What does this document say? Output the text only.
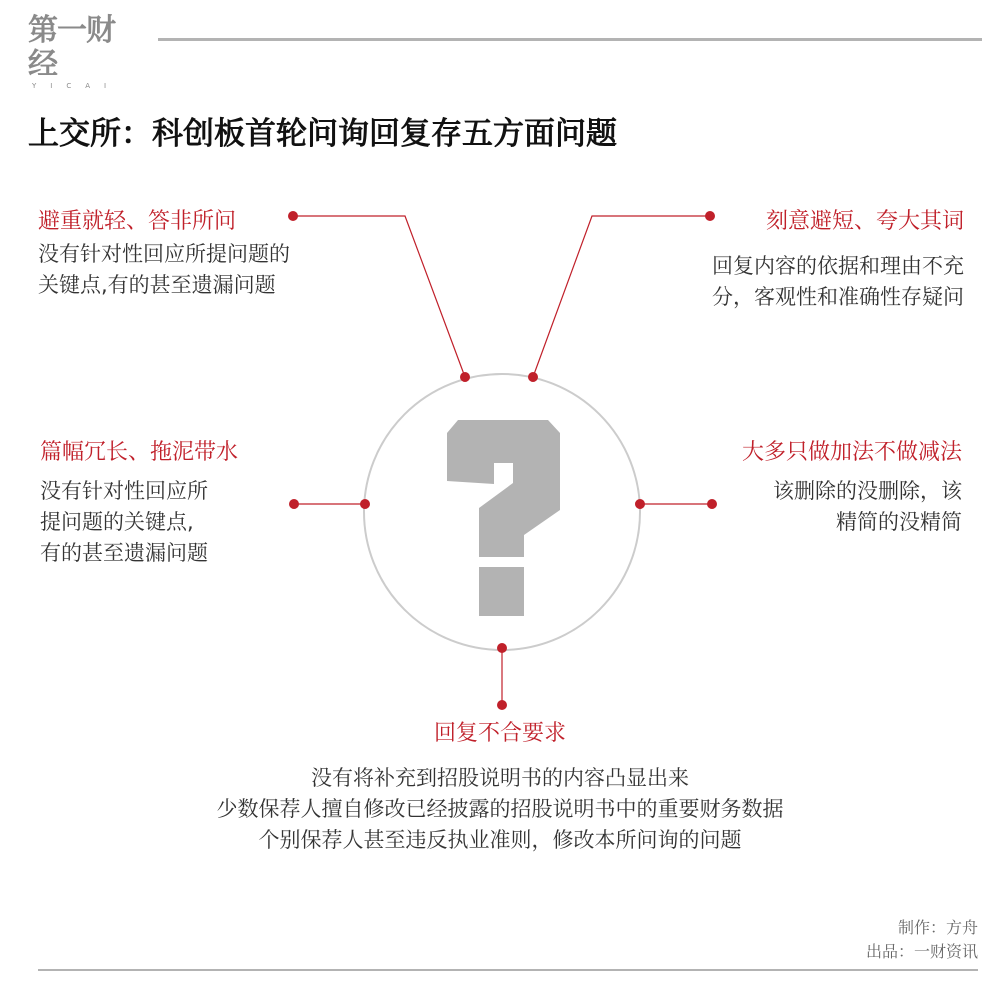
第一财经
YICAI
上交所：科创板首轮问询回复存五方面问题
避重就轻、答非所问
没有针对性回应所提问题的
关键点,有的甚至遗漏问题
刻意避短、夸大其词
回复内容的依据和理由不充
分，客观性和准确性存疑问
篇幅冗长、拖泥带水
没有针对性回应所
提问题的关键点,
有的甚至遗漏问题
大多只做加法不做减法
该删除的没删除，该
精简的没精简
回复不合要求
没有将补充到招股说明书的内容凸显出来
少数保荐人擅自修改已经披露的招股说明书中的重要财务数据
个别保荐人甚至违反执业准则，修改本所问询的问题
制作：方舟
出品：一财资讯
